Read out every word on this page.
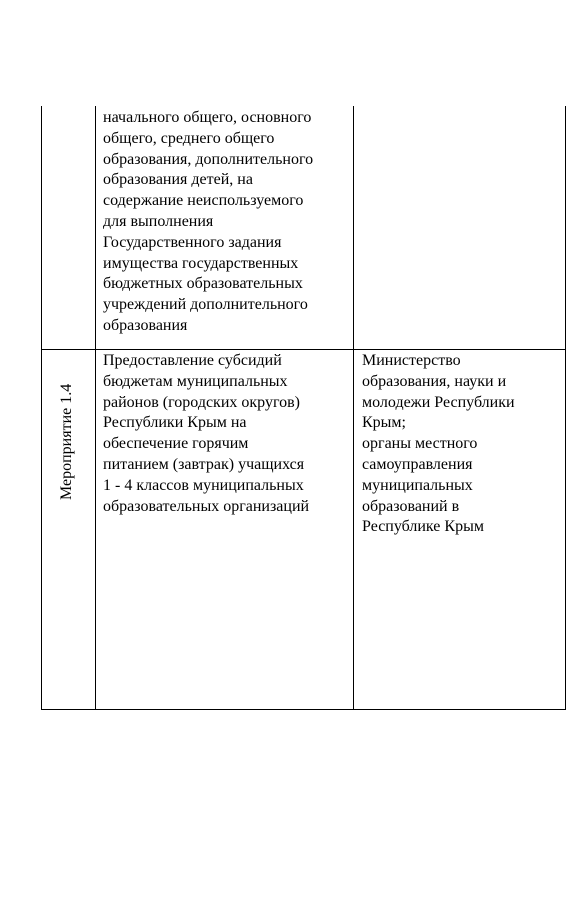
начального общего, основного
общего, среднего общего
образования, дополнительного
образования детей, на
содержание неиспользуемого
для выполнения
Государственного задания
имущества государственных
бюджетных образовательных
учреждений дополнительного
образования

Мероприятие 1.4

Предоставление субсидий
бюджетам муниципальных
районов (городских округов)
Республики Крым на
обеспечение горячим
питанием (завтрак) учащихся
1 - 4 классов муниципальных
образовательных организаций

Министерство
образования, науки и
молодежи Республики
Крым;
органы местного
самоуправления
муниципальных
образований в
Республике Крым
